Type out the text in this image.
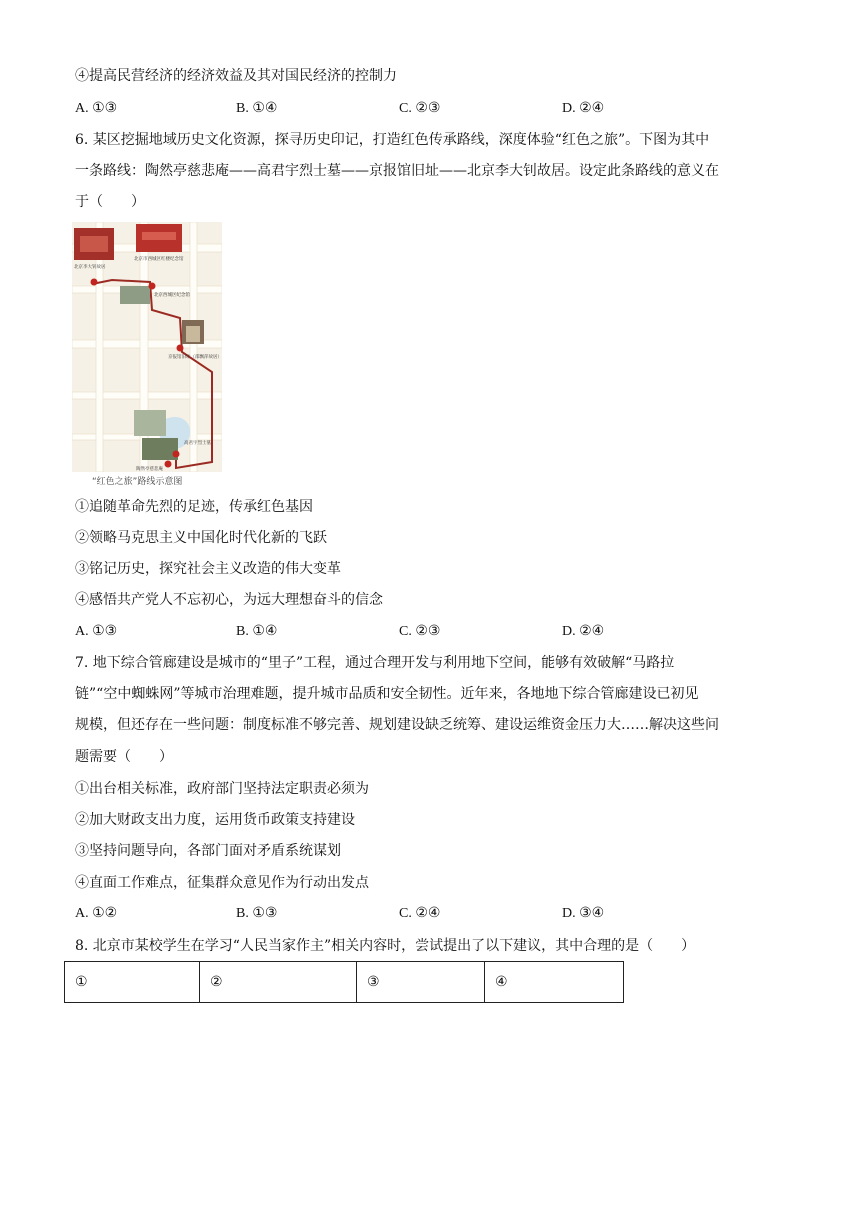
④提高民营经济的经济效益及其对国民经济的控制力
A. ①③	B. ①④	C. ②③	D. ②④
6. 某区挖掘地域历史文化资源，探寻历史印记，打造红色传承路线，深度体验“红色之旅”。下图为其中
一条路线：陶然亭慈悲庵——高君宇烈士墓——京报馆旧址——北京李大钊故居。设定此条路线的意义在
于（　　）
北京李大钊故居
北京市西城区红楼纪念馆
北京西城区纪念馆
京报馆旧址（邵飘萍故居）
高君宇烈士墓
陶然亭慈悲庵
“红色之旅”路线示意图
①追随革命先烈的足迹，传承红色基因
②领略马克思主义中国化时代化新的飞跃
③铭记历史，探究社会主义改造的伟大变革
④感悟共产党人不忘初心，为远大理想奋斗的信念
A. ①③	B. ①④	C. ②③	D. ②④
7. 地下综合管廊建设是城市的“里子”工程，通过合理开发与利用地下空间，能够有效破解“马路拉
链”“空中蜘蛛网”等城市治理难题，提升城市品质和安全韧性。近年来，各地地下综合管廊建设已初见
规模，但还存在一些问题：制度标准不够完善、规划建设缺乏统筹、建设运维资金压力大……解决这些问
题需要（　　）
①出台相关标准，政府部门坚持法定职责必须为
②加大财政支出力度，运用货币政策支持建设
③坚持问题导向，各部门面对矛盾系统谋划
④直面工作难点，征集群众意见作为行动出发点
A. ①②	B. ①③	C. ②④	D. ③④
8. 北京市某校学生在学习“人民当家作主”相关内容时，尝试提出了以下建议，其中合理的是（　　）
①	②	③	④
